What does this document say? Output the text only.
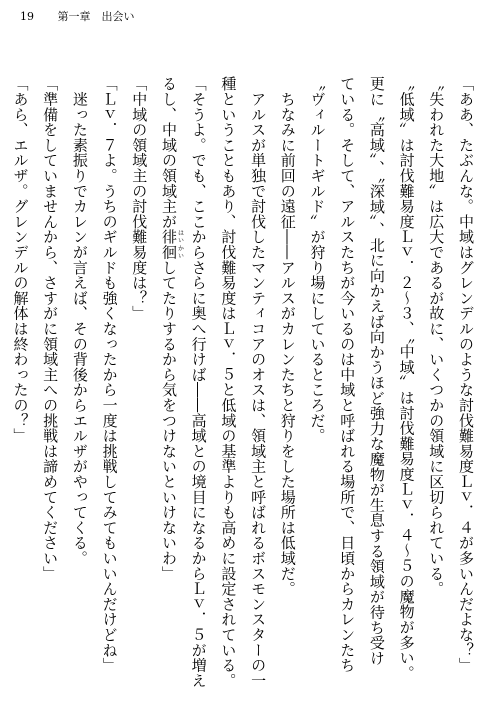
19 第一章　出会い
「ああ、たぶんな。中域はグレンデルのような討伐難易度Ｌｖ．４が多いんだよな？」
〝失われた大地〟は広大であるが故に、いくつかの領域に区切られている。
〝低域〟は討伐難易度Ｌｖ．２～３、〝中域〟は討伐難易度Ｌｖ．４～５の魔物が多い。
更に〝高域〟、〝深域〟、北に向かえば向かうほど強力な魔物が生息する領域が待ち受け
ている。そして、アルスたちが今いるのは中域と呼ばれる場所で、日頃からカレンたち
〝ヴィルートギルド〟が狩り場にしているところだ。
　ちなみに前回の遠征――アルスがカレンたちと狩りをした場所は低域だ。
　アルスが単独で討伐したマンティコアのオスは、領域主と呼ばれるボスモンスターの一
種ということもあり、討伐難易度はＬｖ．５と低域の基準よりも高めに設定されている。
「そうよ。でも、ここからさらに奥へ行けば――高域との境目になるからＬｖ．５が増え
るし、中域の領域主が徘徊はいかいしてたりするから気をつけないといけないわ」
「中域の領域主の討伐難易度は？」
「Ｌｖ．７よ。うちのギルドも強くなったから一度は挑戦してみてもいいんだけどね」
　迷った素振りでカレンが言えば、その背後からエルザがやってくる。
「準備をしていませんから、さすがに領域主への挑戦は諦めてください」
「あら、エルザ。グレンデルの解体は終わったの？」
